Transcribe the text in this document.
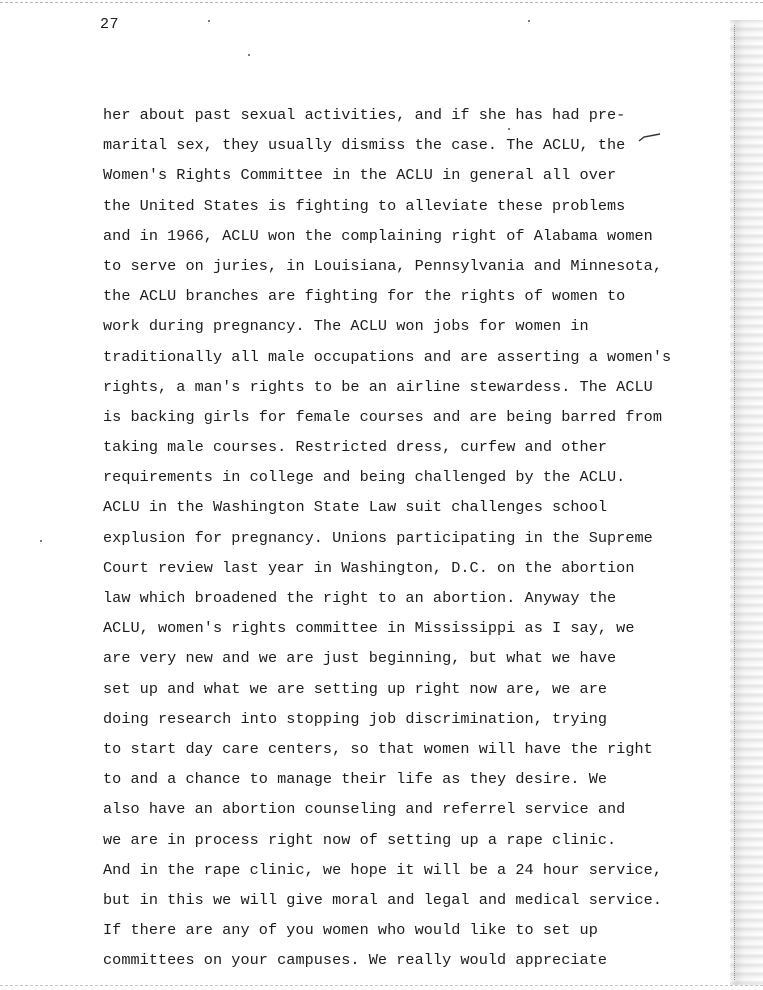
27
her about past sexual activities, and if she has had pre-
marital sex, they usually dismiss the case. The ACLU, the
Women's Rights Committee in the ACLU in general all over
the United States is fighting to alleviate these problems
and in 1966, ACLU won the complaining right of Alabama women
to serve on juries, in Louisiana, Pennsylvania and Minnesota,
the ACLU branches are fighting for the rights of women to
work during pregnancy. The ACLU won jobs for women in
traditionally all male occupations and are asserting a women's
rights, a man's rights to be an airline stewardess. The ACLU
is backing girls for female courses and are being barred from
taking male courses. Restricted dress, curfew and other
requirements in college and being challenged by the ACLU.
ACLU in the Washington State Law suit challenges school
explusion for pregnancy. Unions participating in the Supreme
Court review last year in Washington, D.C. on the abortion
law which broadened the right to an abortion. Anyway the
ACLU, women's rights committee in Mississippi as I say, we
are very new and we are just beginning, but what we have
set up and what we are setting up right now are, we are
doing research into stopping job discrimination, trying
to start day care centers, so that women will have the right
to and a chance to manage their life as they desire. We
also have an abortion counseling and referrel service and
we are in process right now of setting up a rape clinic.
And in the rape clinic, we hope it will be a 24 hour service,
but in this we will give moral and legal and medical service.
If there are any of you women who would like to set up
committees on your campuses. We really would appreciate
